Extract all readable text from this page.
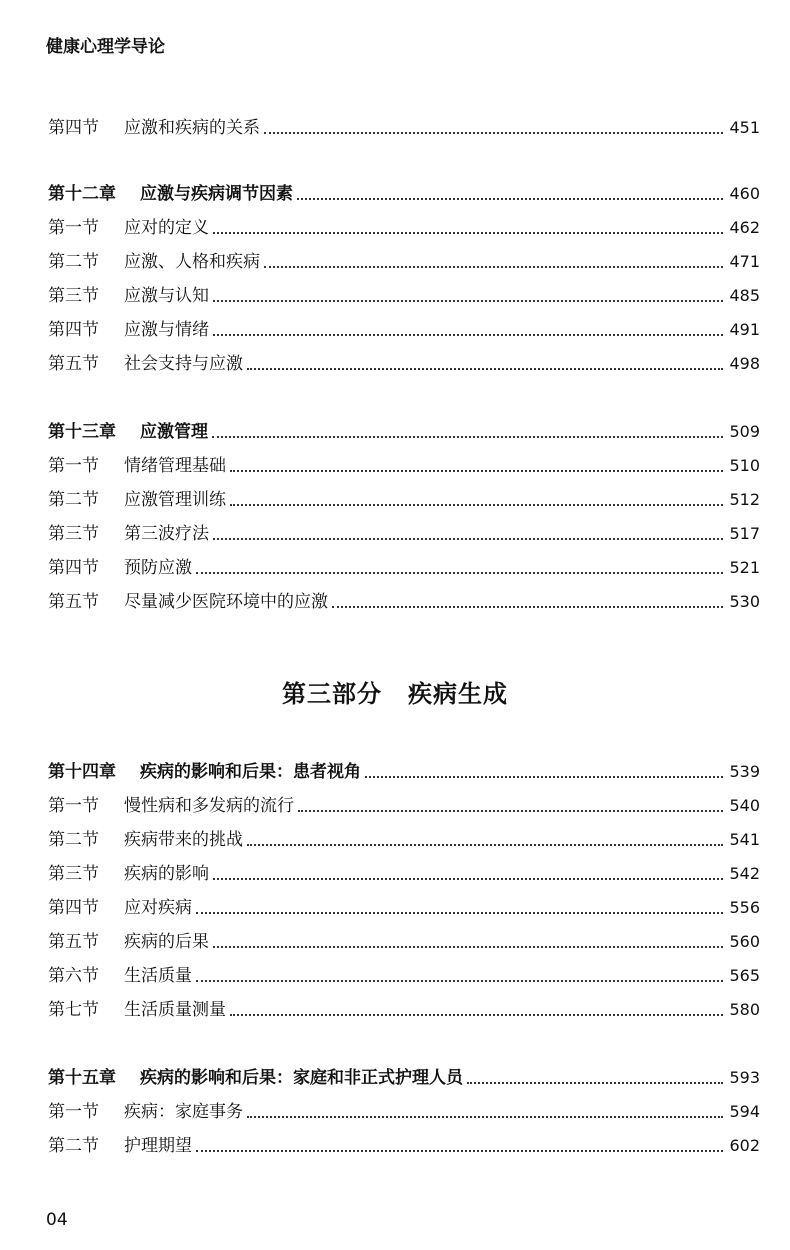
健康心理学导论
第四节	应激和疾病的关系	451
第十二章	应激与疾病调节因素	460
第一节	应对的定义	462
第二节	应激、人格和疾病	471
第三节	应激与认知	485
第四节	应激与情绪	491
第五节	社会支持与应激	498
第十三章	应激管理	509
第一节	情绪管理基础	510
第二节	应激管理训练	512
第三节	第三波疗法	517
第四节	预防应激	521
第五节	尽量减少医院环境中的应激	530
第十四章	疾病的影响和后果：患者视角	539
第一节	慢性病和多发病的流行	540
第二节	疾病带来的挑战	541
第三节	疾病的影响	542
第四节	应对疾病	556
第五节	疾病的后果	560
第六节	生活质量	565
第七节	生活质量测量	580
第十五章	疾病的影响和后果：家庭和非正式护理人员	593
第一节	疾病：家庭事务	594
第二节	护理期望	602
第三部分 疾病生成
04
